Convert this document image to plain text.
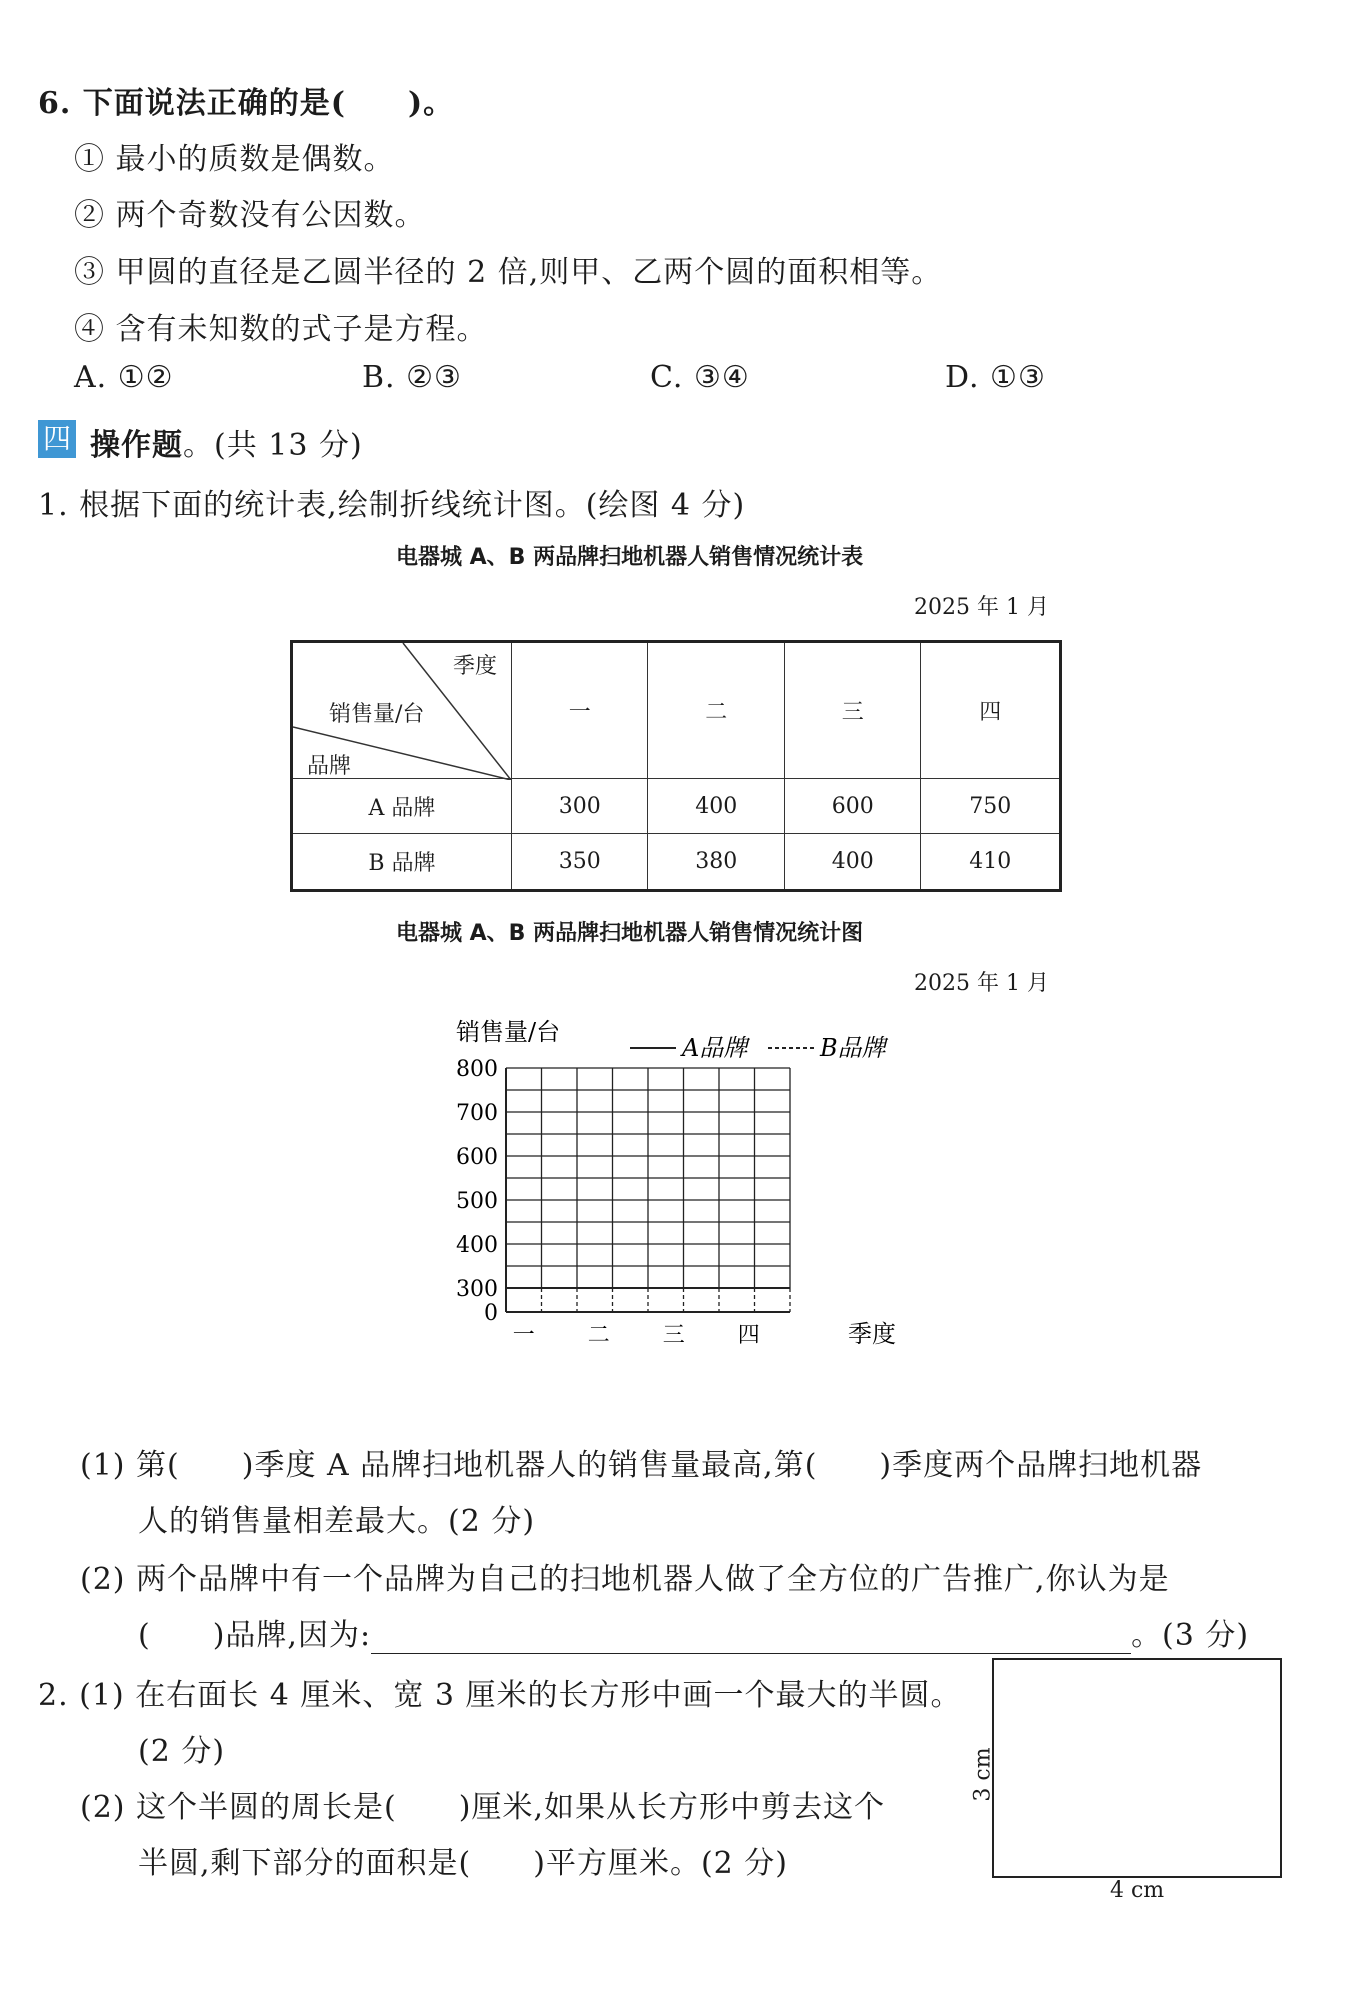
6. 下面说法正确的是(　　)。
① 最小的质数是偶数。
② 两个奇数没有公因数。
③ 甲圆的直径是乙圆半径的 2 倍,则甲、乙两个圆的面积相等。
④ 含有未知数的式子是方程。
A. ①②	B. ②③	C. ③④	D. ①③
四 操作题。(共 13 分)
1. 根据下面的统计表,绘制折线统计图。(绘图 4 分)
电器城 A、B 两品牌扫地机器人销售情况统计表
2025 年 1 月
季度
销售量/台
品牌	一	二	三	四
A 品牌	300	400	600	750
B 品牌	350	380	400	410
电器城 A、B 两品牌扫地机器人销售情况统计图
2025 年 1 月
800
700
600
500
400
300
0
一 二 三 四
销售量/台
A品牌	B品牌
季度
(1) 第(　　)季度 A 品牌扫地机器人的销售量最高,第(　　)季度两个品牌扫地机器
人的销售量相差最大。(2 分)
(2) 两个品牌中有一个品牌为自己的扫地机器人做了全方位的广告推广,你认为是
(　　)品牌,因为:	。(3 分)
2. (1) 在右面长 4 厘米、宽 3 厘米的长方形中画一个最大的半圆。
(2 分)
(2) 这个半圆的周长是(　　)厘米,如果从长方形中剪去这个
半圆,剩下部分的面积是(　　)平方厘米。(2 分)
4 cm
3 cm
